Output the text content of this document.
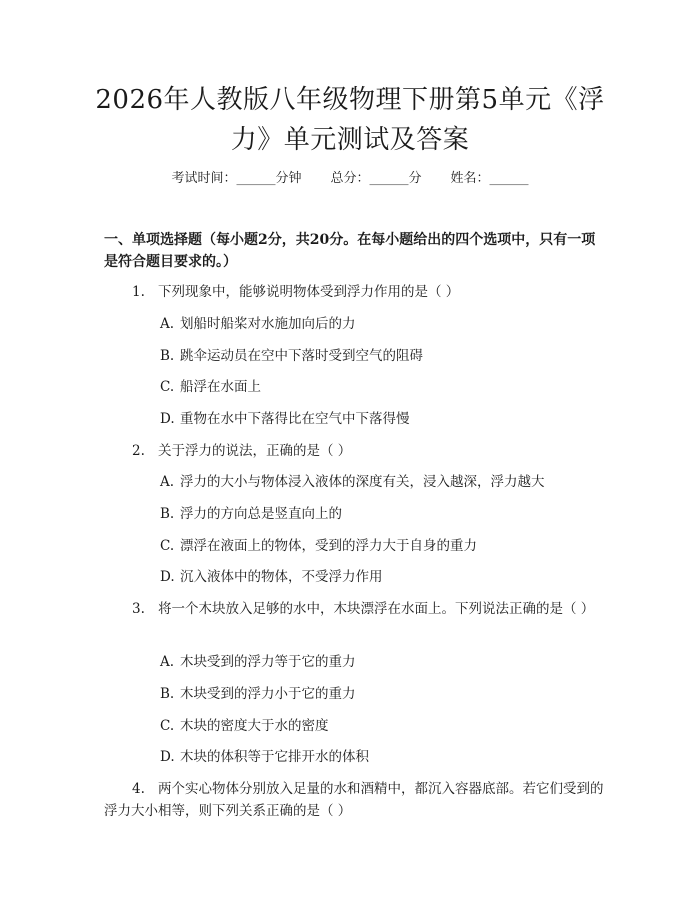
2026年人教版八年级物理下册第5单元《浮力》单元测试及答案
考试时间：______分钟 总分：______分 姓名：______
一、单项选择题（每小题2分，共20分。在每小题给出的四个选项中，只有一项是符合题目要求的。）
1. 下列现象中，能够说明物体受到浮力作用的是（ ）
A. 划船时船桨对水施加向后的力
B. 跳伞运动员在空中下落时受到空气的阻碍
C. 船浮在水面上
D. 重物在水中下落得比在空气中下落得慢
2. 关于浮力的说法，正确的是（ ）
A. 浮力的大小与物体浸入液体的深度有关，浸入越深，浮力越大
B. 浮力的方向总是竖直向上的
C. 漂浮在液面上的物体，受到的浮力大于自身的重力
D. 沉入液体中的物体，不受浮力作用
3. 将一个木块放入足够的水中，木块漂浮在水面上。下列说法正确的是（ ）
A. 木块受到的浮力等于它的重力
B. 木块受到的浮力小于它的重力
C. 木块的密度大于水的密度
D. 木块的体积等于它排开水的体积
4. 两个实心物体分别放入足量的水和酒精中，都沉入容器底部。若它们受到的浮力大小相等，则下列关系正确的是（ ）
